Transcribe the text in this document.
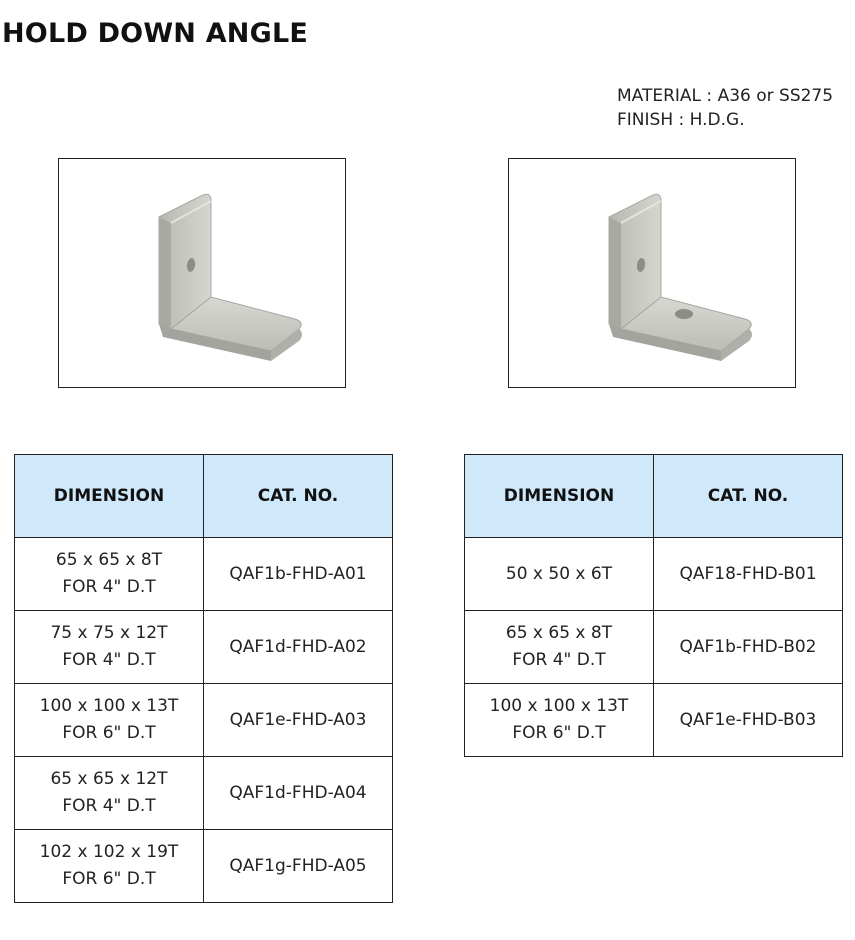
HOLD DOWN ANGLE
MATERIAL : A36 or SS275
FINISH : H.D.G.
DIMENSION	CAT. NO.

65 x 65 x 8T
FOR 4" D.T	QAF1b-FHD-A01

75 x 75 x 12T
FOR 4" D.T	QAF1d-FHD-A02

100 x 100 x 13T
FOR 6" D.T	QAF1e-FHD-A03

65 x 65 x 12T
FOR 4" D.T	QAF1d-FHD-A04

102 x 102 x 19T
FOR 6" D.T	QAF1g-FHD-A05
DIMENSION	CAT. NO.

50 x 50 x 6T	QAF18-FHD-B01

65 x 65 x 8T
FOR 4" D.T	QAF1b-FHD-B02

100 x 100 x 13T
FOR 6" D.T	QAF1e-FHD-B03
